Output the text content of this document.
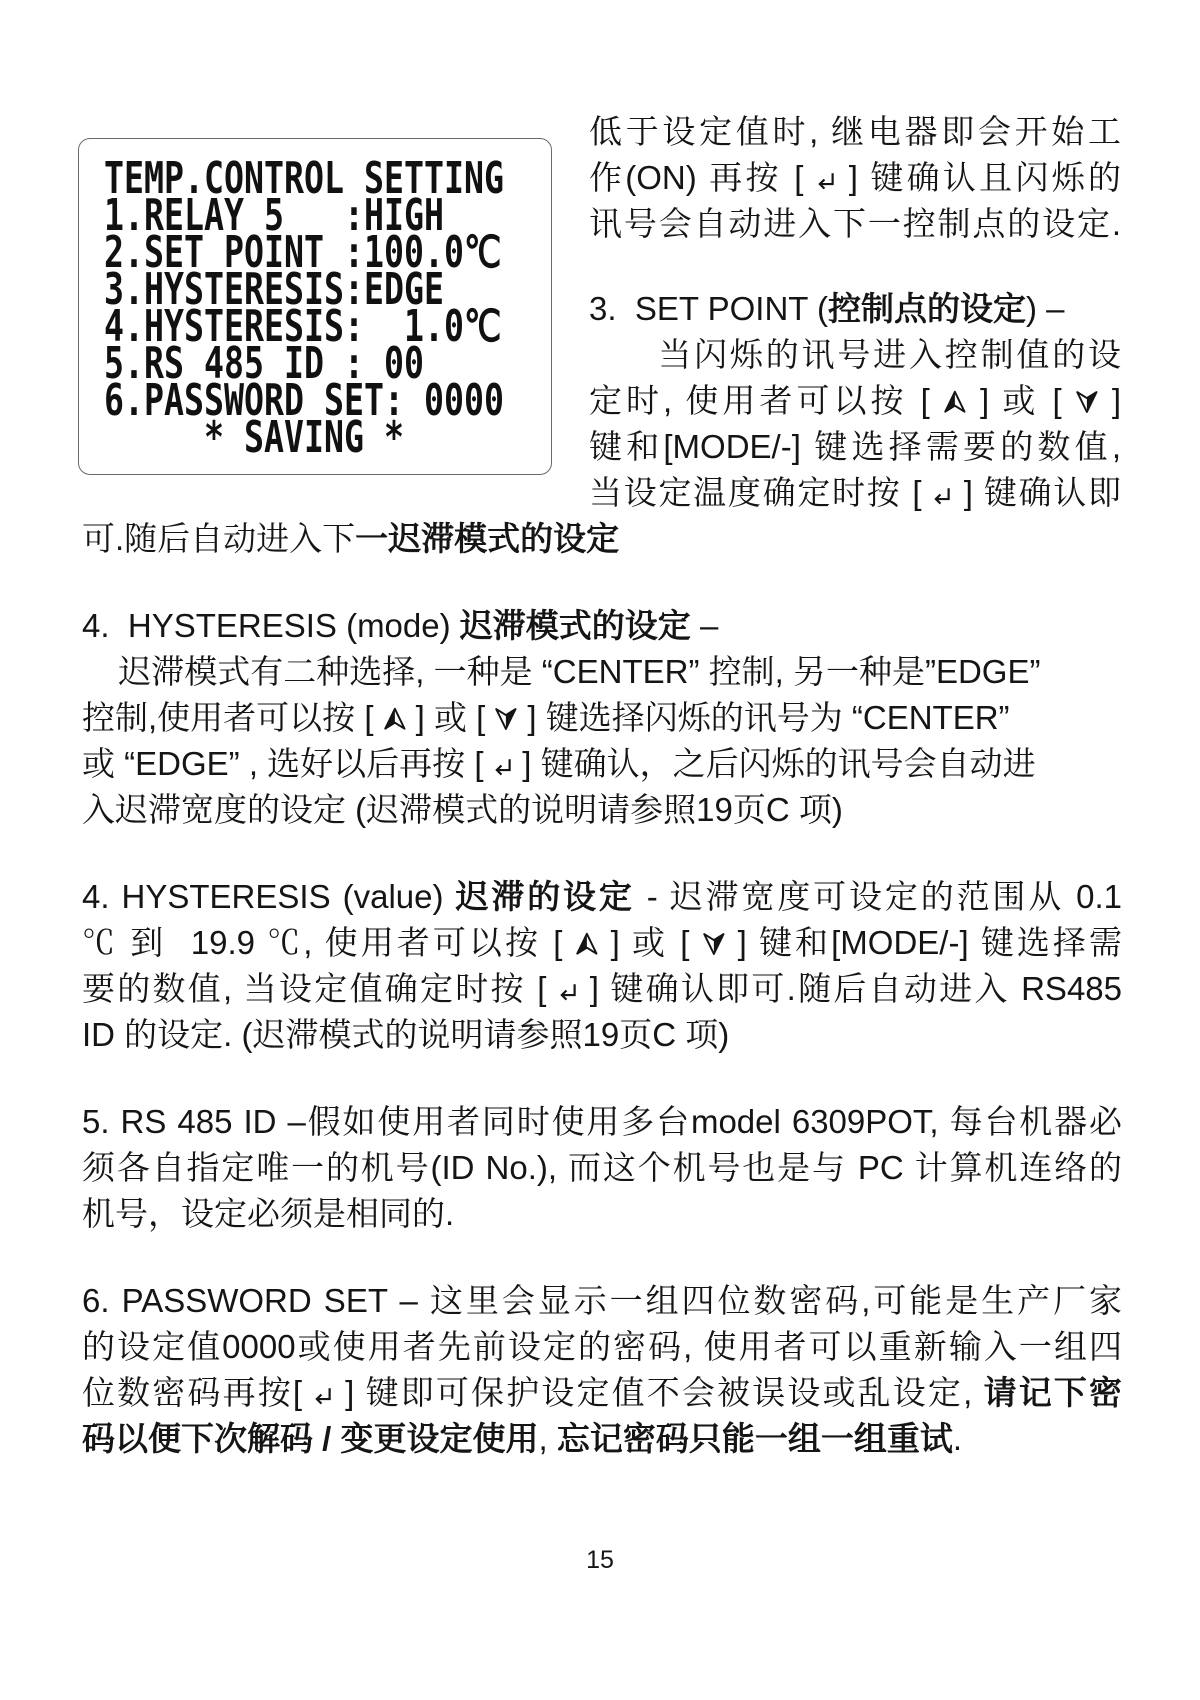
TEMP.CONTROL SETTING
1.RELAY 5   :HIGH
2.SET POINT :100.0℃
3.HYSTERESIS:EDGE
4.HYSTERESIS:  1.0℃
5.RS 485 ID : 00
6.PASSWORD SET: 0000
* SAVING *
低于设定值时, 继电器即会开始工
作(ON) 再按 [
] 键确认且闪烁的
讯号会自动进入下一控制点的设定.
3.  SET POINT (控制点的设定) –
当闪烁的讯号进入控制值的设
定时, 使用者可以按 [
] 或 [
]
键和[MODE/-] 键选择需要的数值,
当设定温度确定时按 [
] 键确认即
可.随后自动进入下一迟滞模式的设定
4.  HYSTERESIS (mode) 迟滞模式的设定 –
迟滞模式有二种选择, 一种是 “CENTER” 控制, 另一种是”EDGE”
控制,使用者可以按 [
] 或 [
] 键选择闪烁的讯号为 “CENTER”
或 “EDGE” , 选好以后再按 [
] 键确认，之后闪烁的讯号会自动进
入迟滞宽度的设定 (迟滞模式的说明请参照19页C 项)
4. HYSTERESIS (value) 迟滞的设定 - 迟滞宽度可设定的范围从 0.1
℃ 到  19.9 ℃, 使用者可以按 [
] 或 [
] 键和[MODE/-] 键选择需
要的数值, 当设定值确定时按 [
] 键确认即可.随后自动进入 RS485
ID 的设定. (迟滞模式的说明请参照19页C 项)
5. RS 485 ID –假如使用者同时使用多台model 6309POT, 每台机器必
须各自指定唯一的机号(ID No.), 而这个机号也是与 PC 计算机连络的
机号，设定必须是相同的.
6. PASSWORD SET – 这里会显示一组四位数密码,可能是生产厂家
的设定值0000或使用者先前设定的密码, 使用者可以重新输入一组四
位数密码再按[
] 键即可保护设定值不会被误设或乱设定, 请记下密
码以便下次解码 / 变更设定使用, 忘记密码只能一组一组重试.
15
